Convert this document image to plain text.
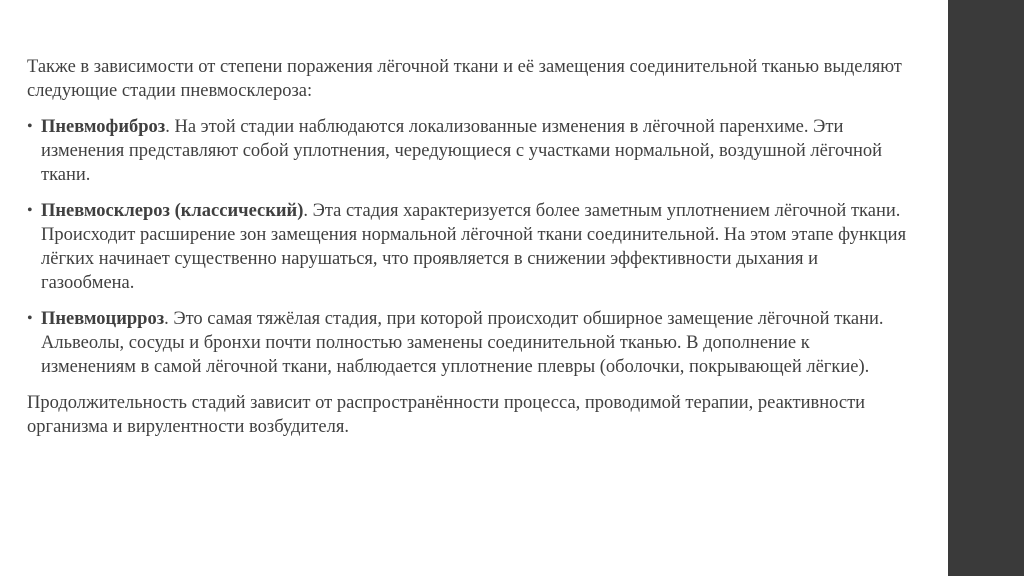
Также в зависимости от степени поражения лёгочной ткани и её замещения соединительной тканью выделяют следующие стадии пневмосклероза:

• Пневмофиброз. На этой стадии наблюдаются локализованные изменения в лёгочной паренхиме. Эти изменения представляют собой уплотнения, чередующиеся с участками нормальной, воздушной лёгочной ткани.
• Пневмосклероз (классический). Эта стадия характеризуется более заметным уплотнением лёгочной ткани. Происходит расширение зон замещения нормальной лёгочной ткани соединительной. На этом этапе функция лёгких начинает существенно нарушаться, что проявляется в снижении эффективности дыхания и газообмена.
• Пневмоцирроз. Это самая тяжёлая стадия, при которой происходит обширное замещение лёгочной ткани. Альвеолы, сосуды и бронхи почти полностью заменены соединительной тканью. В дополнение к изменениям в самой лёгочной ткани, наблюдается уплотнение плевры (оболочки, покрывающей лёгкие).

Продолжительность стадий зависит от распространённости процесса, проводимой терапии, реактивности организма и вирулентности возбудителя.
